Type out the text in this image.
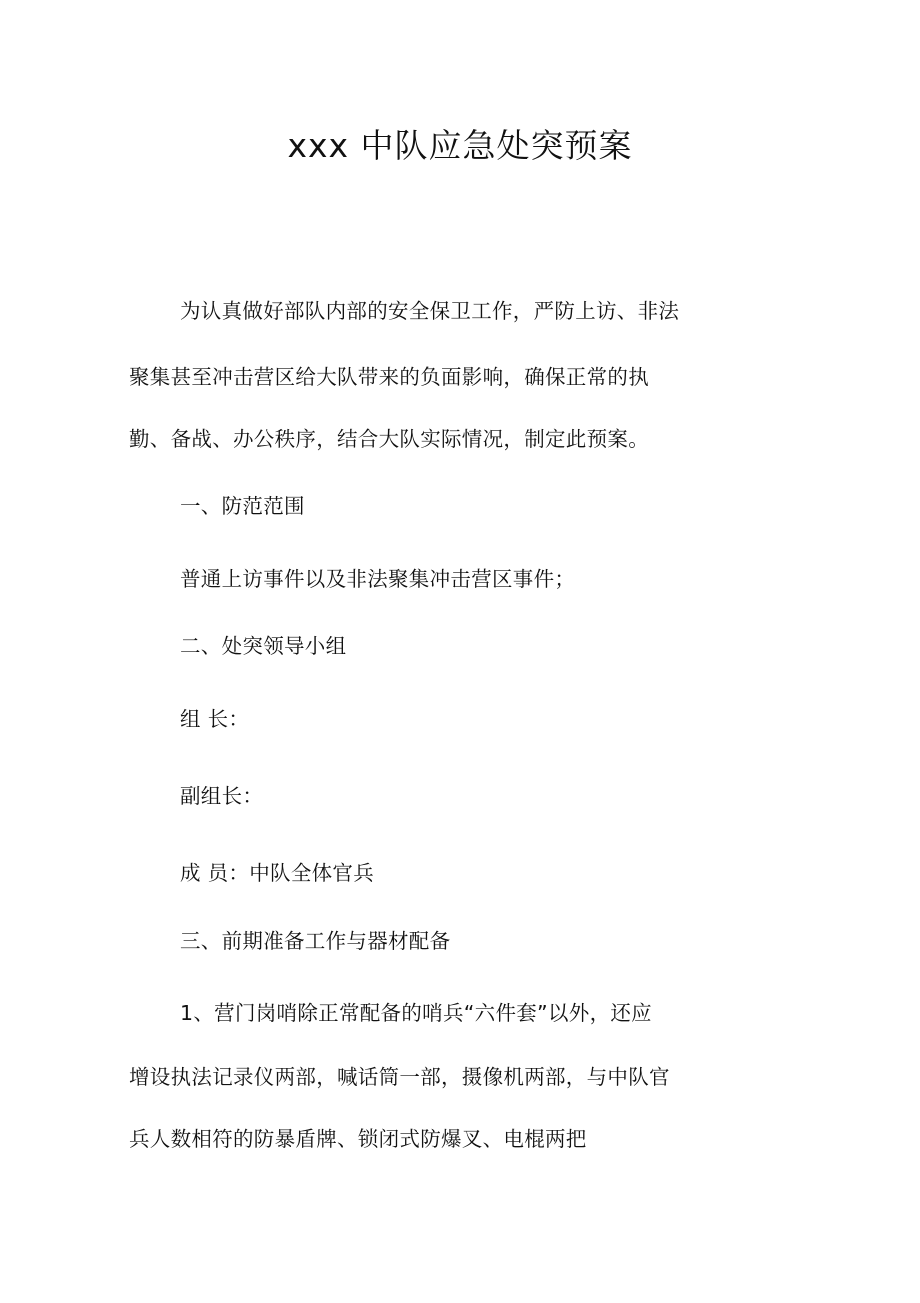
xxx 中队应急处突预案
为认真做好部队内部的安全保卫工作，严防上访、非法
聚集甚至冲击营区给大队带来的负面影响，确保正常的执
勤、备战、办公秩序，结合大队实际情况，制定此预案。
一、防范范围
普通上访事件以及非法聚集冲击营区事件；
二、处突领导小组
组 长：
副组长：
成 员：中队全体官兵
三、前期准备工作与器材配备
1、营门岗哨除正常配备的哨兵“六件套”以外，还应
增设执法记录仪两部，喊话筒一部，摄像机两部，与中队官
兵人数相符的防暴盾牌、锁闭式防爆叉、电棍两把
